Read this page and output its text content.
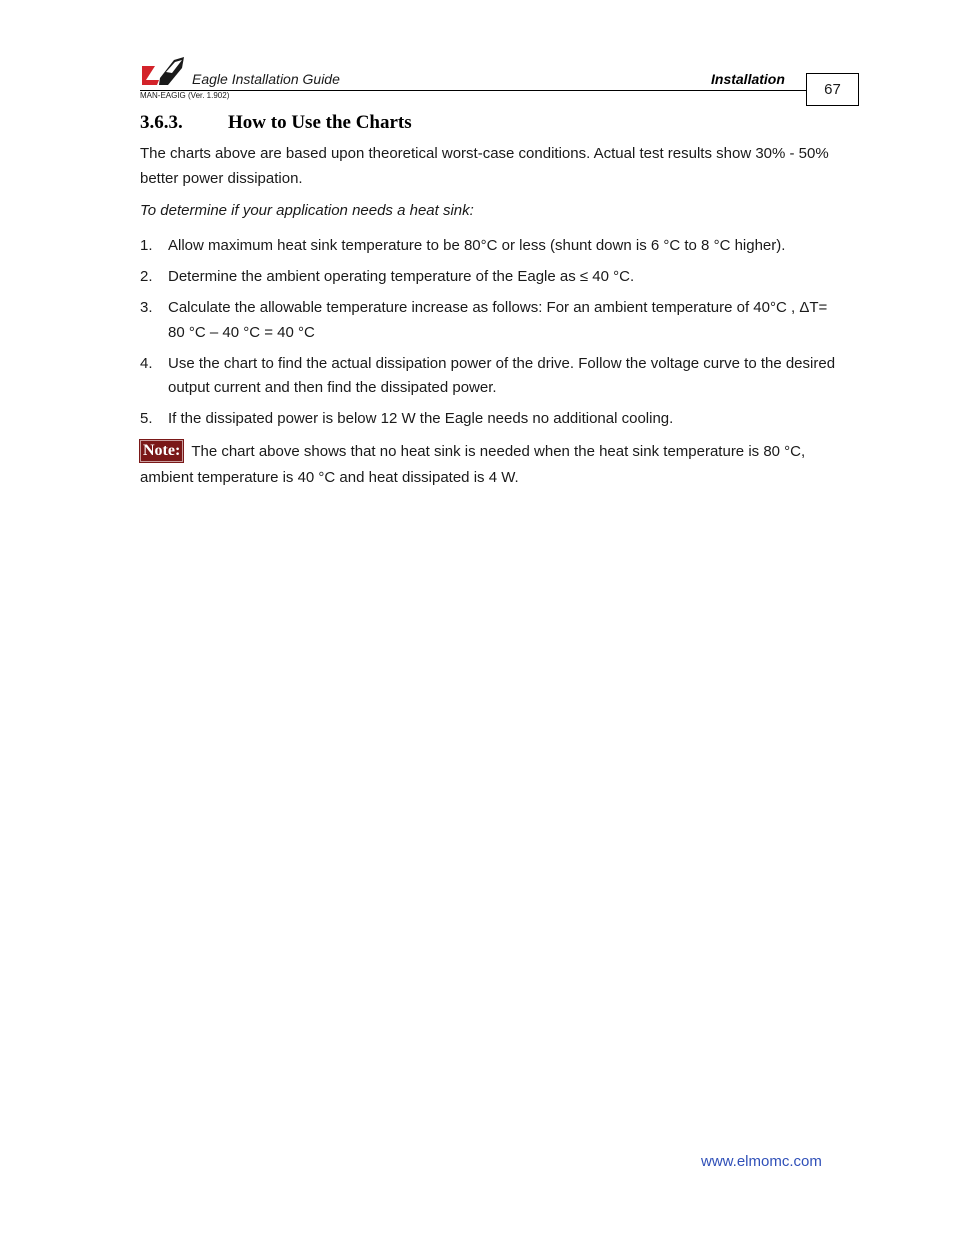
Eagle Installation Guide	Installation
MAN-EAGIG (Ver. 1.902)	67
3.6.3. How to Use the Charts
The charts above are based upon theoretical worst-case conditions. Actual test results show 30% - 50% better power dissipation.
To determine if your application needs a heat sink:
1. Allow maximum heat sink temperature to be 80°C or less (shunt down is 6 °C to 8 °C higher).
2. Determine the ambient operating temperature of the Eagle as ≤ 40 °C.
3. Calculate the allowable temperature increase as follows: For an ambient temperature of 40°C , ΔT= 80 °C – 40 °C = 40 °C
4. Use the chart to find the actual dissipation power of the drive. Follow the voltage curve to the desired output current and then find the dissipated power.
5. If the dissipated power is below 12 W the Eagle needs no additional cooling.
Note: The chart above shows that no heat sink is needed when the heat sink temperature is 80 °C, ambient temperature is 40 °C and heat dissipated is 4 W.
www.elmomc.com
